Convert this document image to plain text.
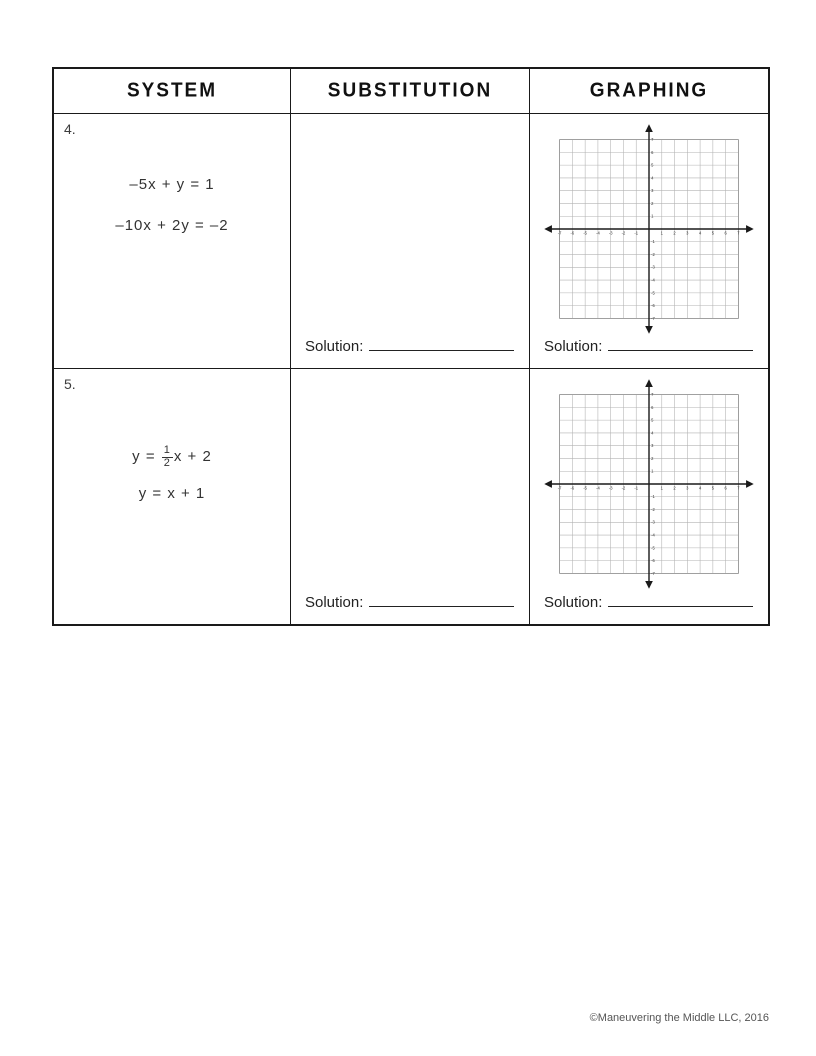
SYSTEM	SUBSTITUTION	GRAPHING
4.
–5x + y = 1
–10x + 2y = –2
Solution:
-7
-7
-6
-6
-5
-5
-4
-4
-3
-3
-2
-2
-1
-1
1
1
2
2
3
3
4
4
5
5
6
6
7
7
Solution:
5.
$y = \frac{1}{2}$ x + 2
y = x + 1
Solution:
-7
-7
-6
-6
-5
-5
-4
-4
-3
-3
-2
-2
-1
-1
1
1
2
2
3
3
4
4
5
5
6
6
7
7
Solution:
©Maneuvering the Middle LLC, 2016
